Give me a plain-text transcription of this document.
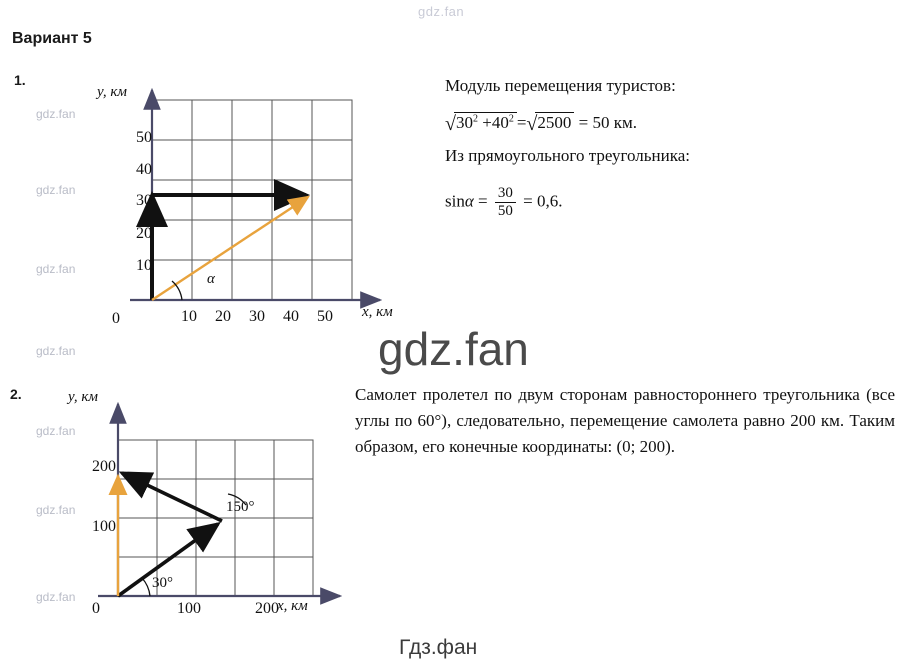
gdz.fan
gdz.fan
gdz.fan
gdz.fan
gdz.fan
gdz.fan
gdz.fan
gdz.fan
gdz.fan
Гдз.фан
Вариант 5
1.
y, км
x, км
0
50
40
30
20
10
10	20	30	40	50
α
Модуль перемещения туристов:
$√30^2 +40^2 =√2500 = 50$ км.
Из прямоугольного треугольника:
$\sin\alpha = \frac{30}{50} = 0,6$.
2.	y, км
x, км
0
200
100
100	200
150°
30°
Самолет пролетел по двум сторонам равностороннего треугольника (все углы по 60°), следовательно, перемещение самолета равно 200 км. Таким образом, его конечные координаты: (0; 200).
